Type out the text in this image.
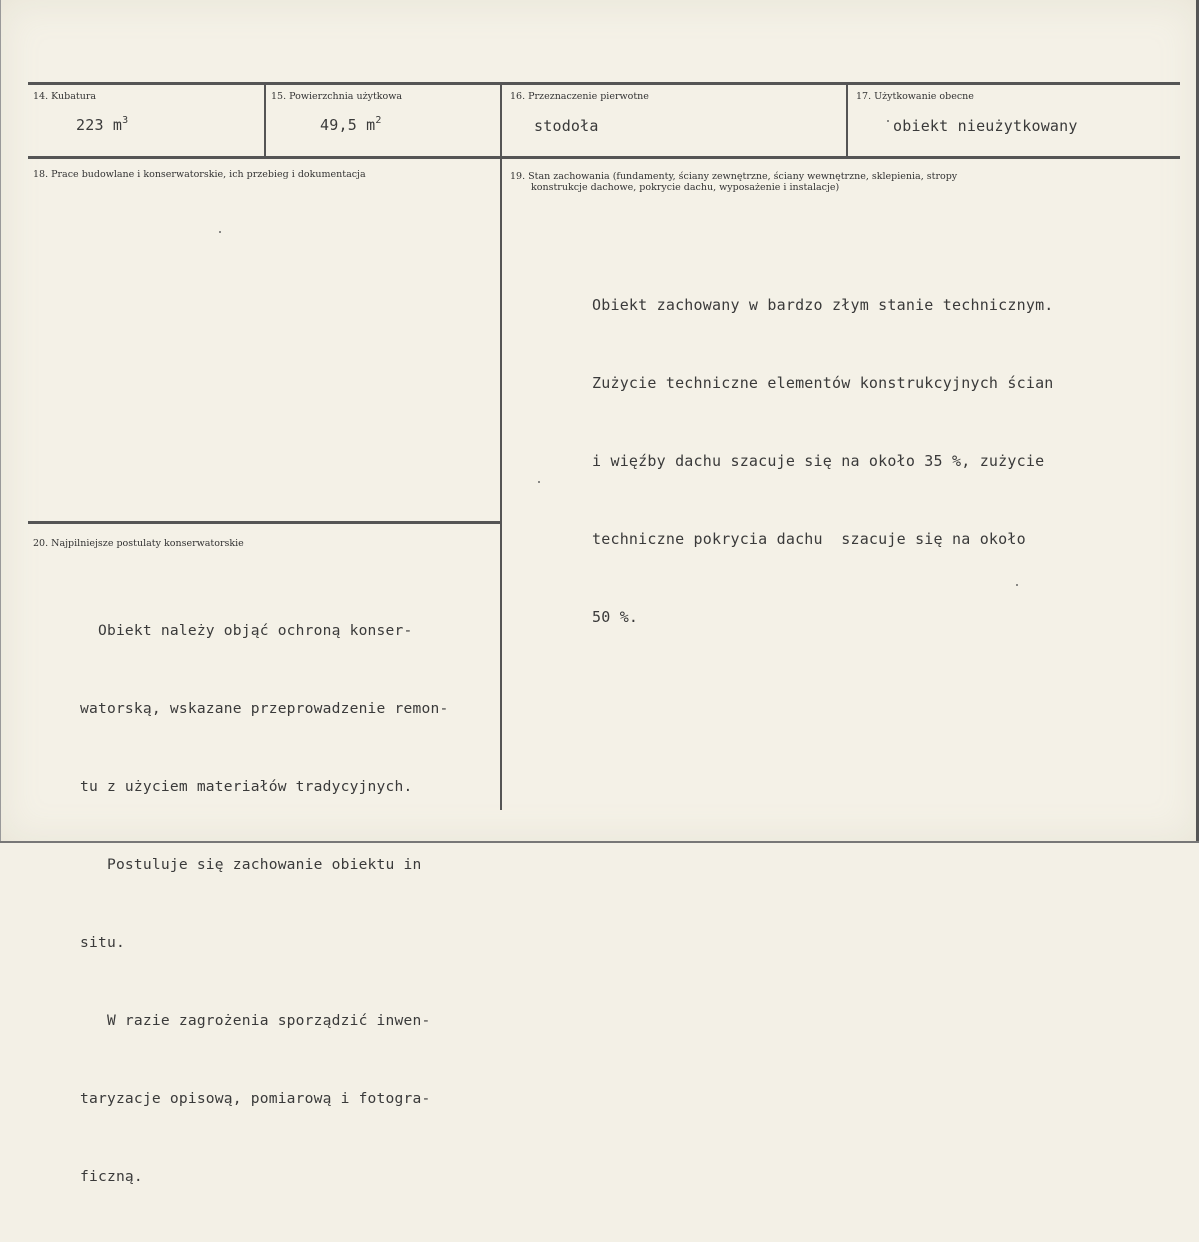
14. Kubatura
223 $m^3$
15. Powierzchnia użytkowa
49,5 $m^2$
16. Przeznaczenie pierwotne
stodoła
17. Użytkowanie obecne
obiekt nieużytkowany
18. Prace budowlane i konserwatorskie, ich przebieg i dokumentacja	19. Stan zachowania (fundamenty, ściany zewnętrzne, ściany wewnętrzne, sklepienia, stropy
konstrukcje dachowe, pokrycie dachu, wyposażenie i instalacje)

Obiekt zachowany w bardzo złym stanie technicznym.

Zużycie techniczne elementów konstrukcyjnych ścian

i więźby dachu szacuje się na około 35 %, zużycie

techniczne pokrycia dachu  szacuje się na około

50 %.

20. Najpilniejsze postulaty konserwatorskie

Obiekt należy objąć ochroną konser-

watorską, wskazane przeprowadzenie remon-

tu z użyciem materiałów tradycyjnych.

Postuluje się zachowanie obiektu in

situ.

W razie zagrożenia sporządzić inwen-

taryzacje opisową, pomiarową i fotogra-

ficzną.
